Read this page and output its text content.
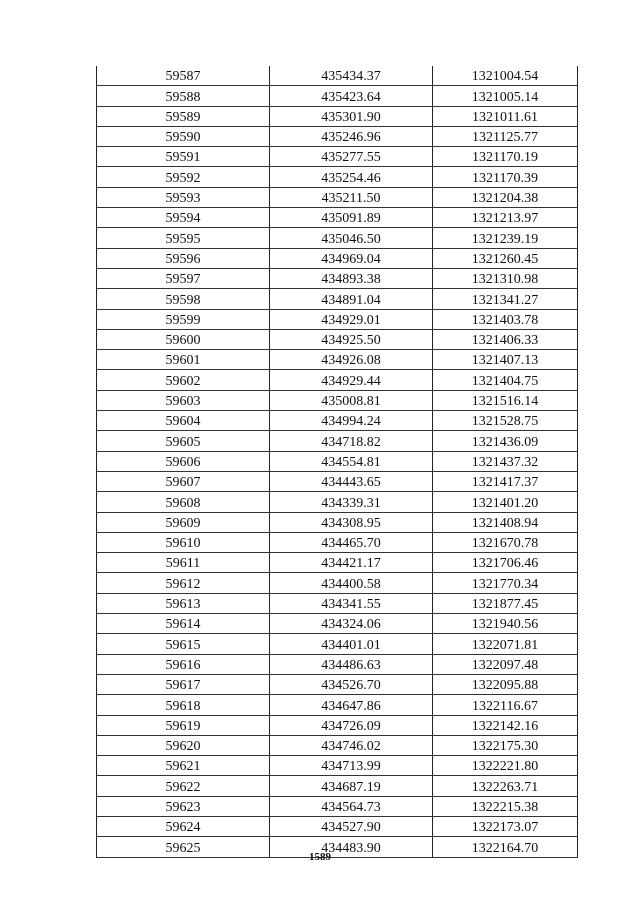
59587	435434.37	1321004.54
59588	435423.64	1321005.14
59589	435301.90	1321011.61
59590	435246.96	1321125.77
59591	435277.55	1321170.19
59592	435254.46	1321170.39
59593	435211.50	1321204.38
59594	435091.89	1321213.97
59595	435046.50	1321239.19
59596	434969.04	1321260.45
59597	434893.38	1321310.98
59598	434891.04	1321341.27
59599	434929.01	1321403.78
59600	434925.50	1321406.33
59601	434926.08	1321407.13
59602	434929.44	1321404.75
59603	435008.81	1321516.14
59604	434994.24	1321528.75
59605	434718.82	1321436.09
59606	434554.81	1321437.32
59607	434443.65	1321417.37
59608	434339.31	1321401.20
59609	434308.95	1321408.94
59610	434465.70	1321670.78
59611	434421.17	1321706.46
59612	434400.58	1321770.34
59613	434341.55	1321877.45
59614	434324.06	1321940.56
59615	434401.01	1322071.81
59616	434486.63	1322097.48
59617	434526.70	1322095.88
59618	434647.86	1322116.67
59619	434726.09	1322142.16
59620	434746.02	1322175.30
59621	434713.99	1322221.80
59622	434687.19	1322263.71
59623	434564.73	1322215.38
59624	434527.90	1322173.07
59625	434483.90	1322164.70
1589
